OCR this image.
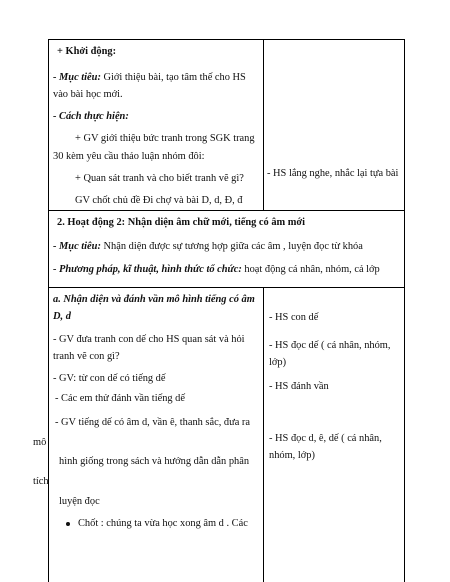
+ Khởi động:
- Mục tiêu: Giới thiệu bài, tạo tâm thế cho HS
vào bài học mới.
- Cách thực hiện:
+ GV giới thiệu bức tranh trong SGK trang
30 kèm yêu cầu thảo luận nhóm đôi:
+ Quan sát tranh và cho biết tranh vẽ gì?
GV chốt chủ đề Đi chợ và bài D, d, Đ, đ
- HS lắng nghe, nhắc lại tựa bài
2. Hoạt động 2: Nhận diện âm chữ mới, tiếng có âm mới
- Mục tiêu: Nhận diện được sự tương hợp giữa các âm , luyện đọc từ khóa
- Phương pháp, kĩ thuật, hình thức tổ chức: hoạt động cá nhân, nhóm, cả lớp
a. Nhận diện và đánh vần mô hình tiếng có âm
D, d
- GV đưa tranh con dế cho HS quan sát và hỏi
tranh vẽ con gì?
- GV: từ con dế có tiếng dế
- Các em thử đánh vần tiếng dế
- GV tiếng dế có âm d, vần ê, thanh sắc, đưa ra
mô
hình giống trong sách và hướng dẫn dẫn phân
tích
luyện đọc
Chốt : chúng ta vừa học xong âm d . Các
- HS con dế
- HS đọc dế ( cá nhân, nhóm,
lớp)
- HS đánh vần
- HS đọc d, ê, dế ( cá nhân,
nhóm, lớp)
